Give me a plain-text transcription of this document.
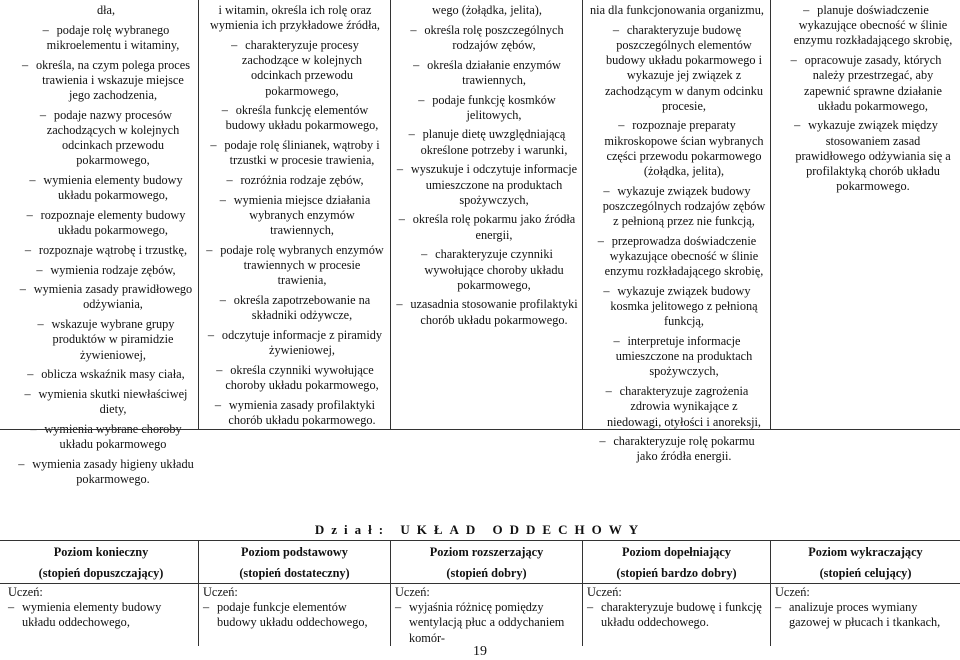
dła,
– podaje rolę wybranego mikroelementu i witaminy,
– określa, na czym polega proces trawienia i wskazuje miejsce jego zachodzenia,
– podaje nazwy procesów zachodzących w kolejnych odcinkach przewodu pokarmowego,
– wymienia elementy budowy układu pokarmowego,
– rozpoznaje elementy budowy układu pokarmowego,
– rozpoznaje wątrobę i trzustkę,
– wymienia rodzaje zębów,
– wymienia zasady prawidłowego odżywiania,
– wskazuje wybrane grupy produktów w piramidzie żywieniowej,
– oblicza wskaźnik masy ciała,
– wymienia skutki niewłaściwej diety,
– wymienia wybrane choroby układu pokarmowego
– wymienia zasady higieny układu pokarmowego.
i witamin, określa ich rolę oraz wymienia ich przykładowe źródła,
– charakteryzuje procesy zachodzące w kolejnych odcinkach przewodu pokarmowego,
– określa funkcję elementów budowy układu pokarmowego,
– podaje rolę ślinianek, wątroby i trzustki w procesie trawienia,
– rozróżnia rodzaje zębów,
– wymienia miejsce działania wybranych enzymów trawiennych,
– podaje rolę wybranych enzymów trawiennych w procesie trawienia,
– określa zapotrzebowanie na składniki odżywcze,
– odczytuje informacje z piramidy żywieniowej,
– określa czynniki wywołujące choroby układu pokarmowego,
– wymienia zasady profilaktyki chorób układu pokarmowego.
wego (żołądka, jelita),
– określa rolę poszczególnych rodzajów zębów,
– określa działanie enzymów trawiennych,
– podaje funkcję kosmków jelitowych,
– planuje dietę uwzględniającą określone potrzeby i warunki,
– wyszukuje i odczytuje informacje umieszczone na produktach spożywczych,
– określa rolę pokarmu jako źródła energii,
– charakteryzuje czynniki wywołujące choroby układu pokarmowego,
– uzasadnia stosowanie profilaktyki chorób układu pokarmowego.
nia dla funkcjonowania organizmu,
– charakteryzuje budowę poszczególnych elementów budowy układu pokarmowego i wykazuje jej związek z zachodzącym w danym odcinku procesie,
– rozpoznaje preparaty mikroskopowe ścian wybranych części przewodu pokarmowego (żołądka, jelita),
– wykazuje związek budowy poszczególnych rodzajów zębów z pełnioną przez nie funkcją,
– przeprowadza doświadczenie wykazujące obecność w ślinie enzymu rozkładającego skrobię,
– wykazuje związek budowy kosmka jelitowego z pełnioną funkcją,
– interpretuje informacje umieszczone na produktach spożywczych,
– charakteryzuje zagrożenia zdrowia wynikające z niedowagi, otyłości i anoreksji,
– charakteryzuje rolę pokarmu jako źródła energii.
– planuje doświadczenie wykazujące obecność w ślinie enzymu rozkładającego skrobię,
– opracowuje zasady, których należy przestrzegać, aby zapewnić sprawne działanie układu pokarmowego,
– wykazuje związek między stosowaniem zasad prawidłowego odżywiania się a profilaktyką chorób układu pokarmowego.
Dział: UKŁAD ODDECHOWY
Poziom konieczny
(stopień dopuszczający)
Uczeń:
– wymienia elementy budowy układu oddechowego,
Poziom podstawowy
(stopień dostateczny)
Uczeń:
– podaje funkcje elementów budowy układu oddechowego,
Poziom rozszerzający
(stopień dobry)
Uczeń:
– wyjaśnia różnicę pomiędzy wentylacją płuc a oddychaniem komór-
Poziom dopełniający
(stopień bardzo dobry)
Uczeń:
– charakteryzuje budowę i funkcję układu oddechowego.
Poziom wykraczający
(stopień celujący)
Uczeń:
– analizuje proces wymiany gazowej w płucach i tkankach,
19
